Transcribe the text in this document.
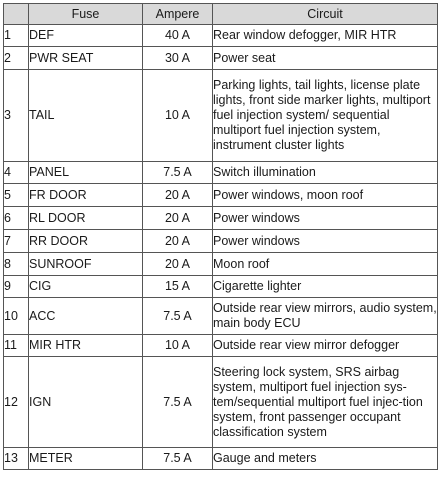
	Fuse	Ampere	Circuit
1	DEF	40 A	Rear window defogger, MIR HTR
2	PWR SEAT	30 A	Power seat
3	TAIL	10 A	Parking lights, tail lights, license plate lights, front side marker lights, multiport fuel injection system/ sequential multiport fuel injection system, instrument cluster lights
4	PANEL	7.5 A	Switch illumination
5	FR DOOR	20 A	Power windows, moon roof
6	RL DOOR	20 A	Power windows
7	RR DOOR	20 A	Power windows
8	SUNROOF	20 A	Moon roof
9	CIG	15 A	Cigarette lighter
10	ACC	7.5 A	Outside rear view mirrors, audio system, main body ECU
11	MIR HTR	10 A	Outside rear view mirror defogger
12	IGN	7.5 A	Steering lock system, SRS airbag system, multiport fuel injection sys-tem/sequential multiport fuel injec-tion system, front passenger occupant classification system
13	METER	7.5 A	Gauge and meters
